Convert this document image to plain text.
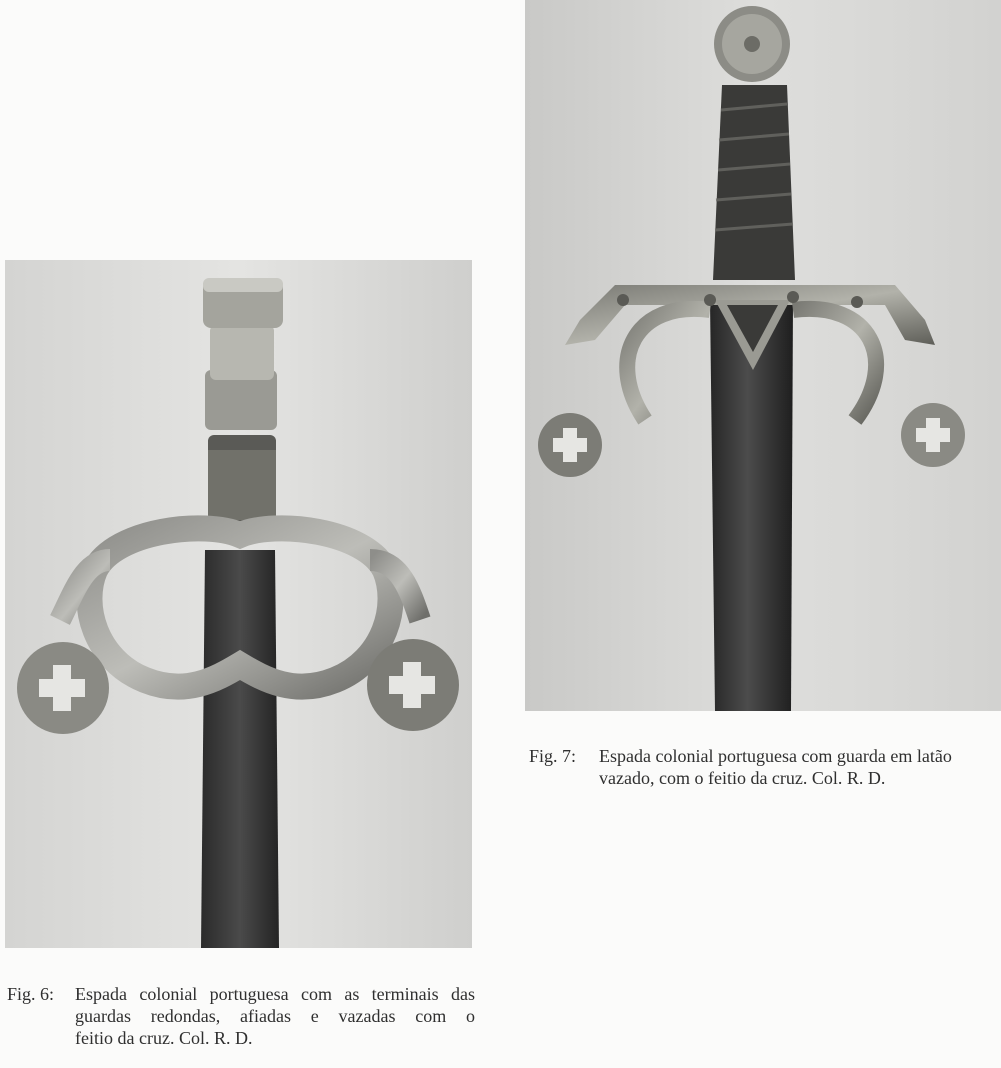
Fig. 6: Espada colonial portuguesa com as terminais das
guardas redondas, afiadas e vazadas com o
feitio da cruz. Col. R. D.
Fig. 7: Espada colonial portuguesa com guarda em latão
vazado, com o feitio da cruz. Col. R. D.
